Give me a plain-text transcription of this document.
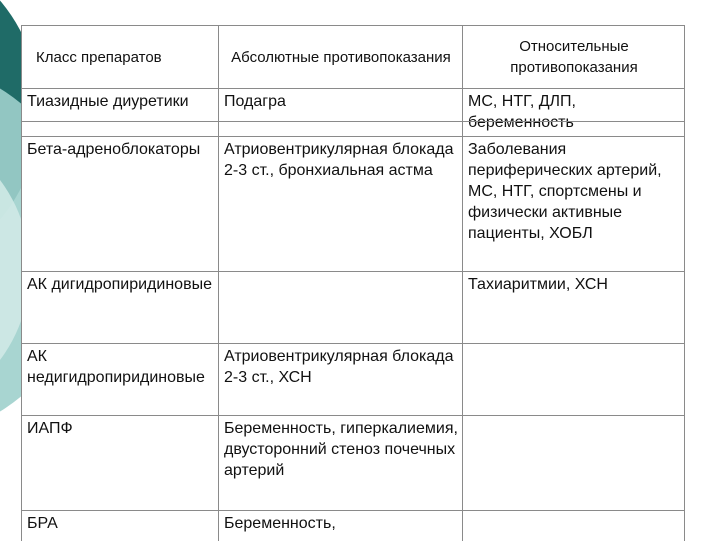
Класс препаратов	Абсолютные противопоказания	Относительные противопоказания
Тиазидные диуретики	Подагра	МС, НТГ, ДЛП, беременность
Бета-адреноблокаторы	Атриовентрикулярная блокада 2-3 ст., бронхиальная астма	Заболевания периферических артерий, МС, НТГ, спортсмены и физически активные пациенты, ХОБЛ
АК дигидропиридиновые		Тахиаритмии, ХСН
АК недигидропиридиновые	Атриовентрикулярная блокада 2-3 ст., ХСН	
ИАПФ	Беременность, гиперкалиемия, двусторонний стеноз почечных артерий	
БРА	Беременность,	
